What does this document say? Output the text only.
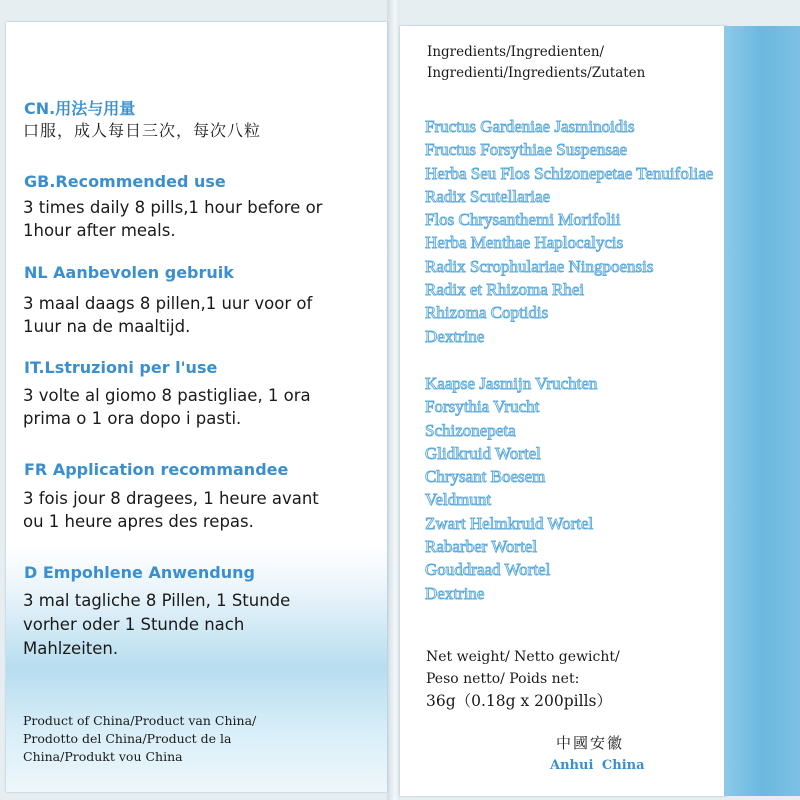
CN.用法与用量
口服，成人每日三次，每次八粒
GB.Recommended use
3 times daily 8 pills,1 hour before or
1hour after meals.
NL Aanbevolen gebruik
3 maal daags 8 pillen,1 uur voor of
1uur na de maaltijd.
IT.Lstruzioni per l'use
3 volte al giomo 8 pastigliae, 1 ora
prima o 1 ora dopo i pasti.
FR Application recommandee
3 fois jour 8 dragees, 1 heure avant
ou 1 heure apres des repas.
D Empohlene Anwendung
3 mal tagliche 8 Pillen, 1 Stunde
vorher oder 1 Stunde nach
Mahlzeiten.
Product of China/Product van China/
Prodotto del China/Product de la
China/Produkt vou China
Ingredients/Ingredienten/
Ingredienti/Ingredients/Zutaten
Fructus Gardeniae Jasminoidis
Fructus Forsythiae Suspensae
Herba Seu Flos Schizonepetae Tenuifoliae
Radix Scutellariae
Flos Chrysanthemi Morifolii
Herba Menthae Haplocalycis
Radix Scrophulariae Ningpoensis
Radix et Rhizoma Rhei
Rhizoma Coptidis
Dextrine
Kaapse Jasmijn Vruchten
Forsythia Vrucht
Schizonepeta
Glidkruid Wortel
Chrysant Boesem
Veldmunt
Zwart Helmkruid Wortel
Rabarber Wortel
Gouddraad Wortel
Dextrine
Net weight/ Netto gewicht/
Peso netto/ Poids net:
36g（0.18g x 200pills）
中國安徽
Anhui China
